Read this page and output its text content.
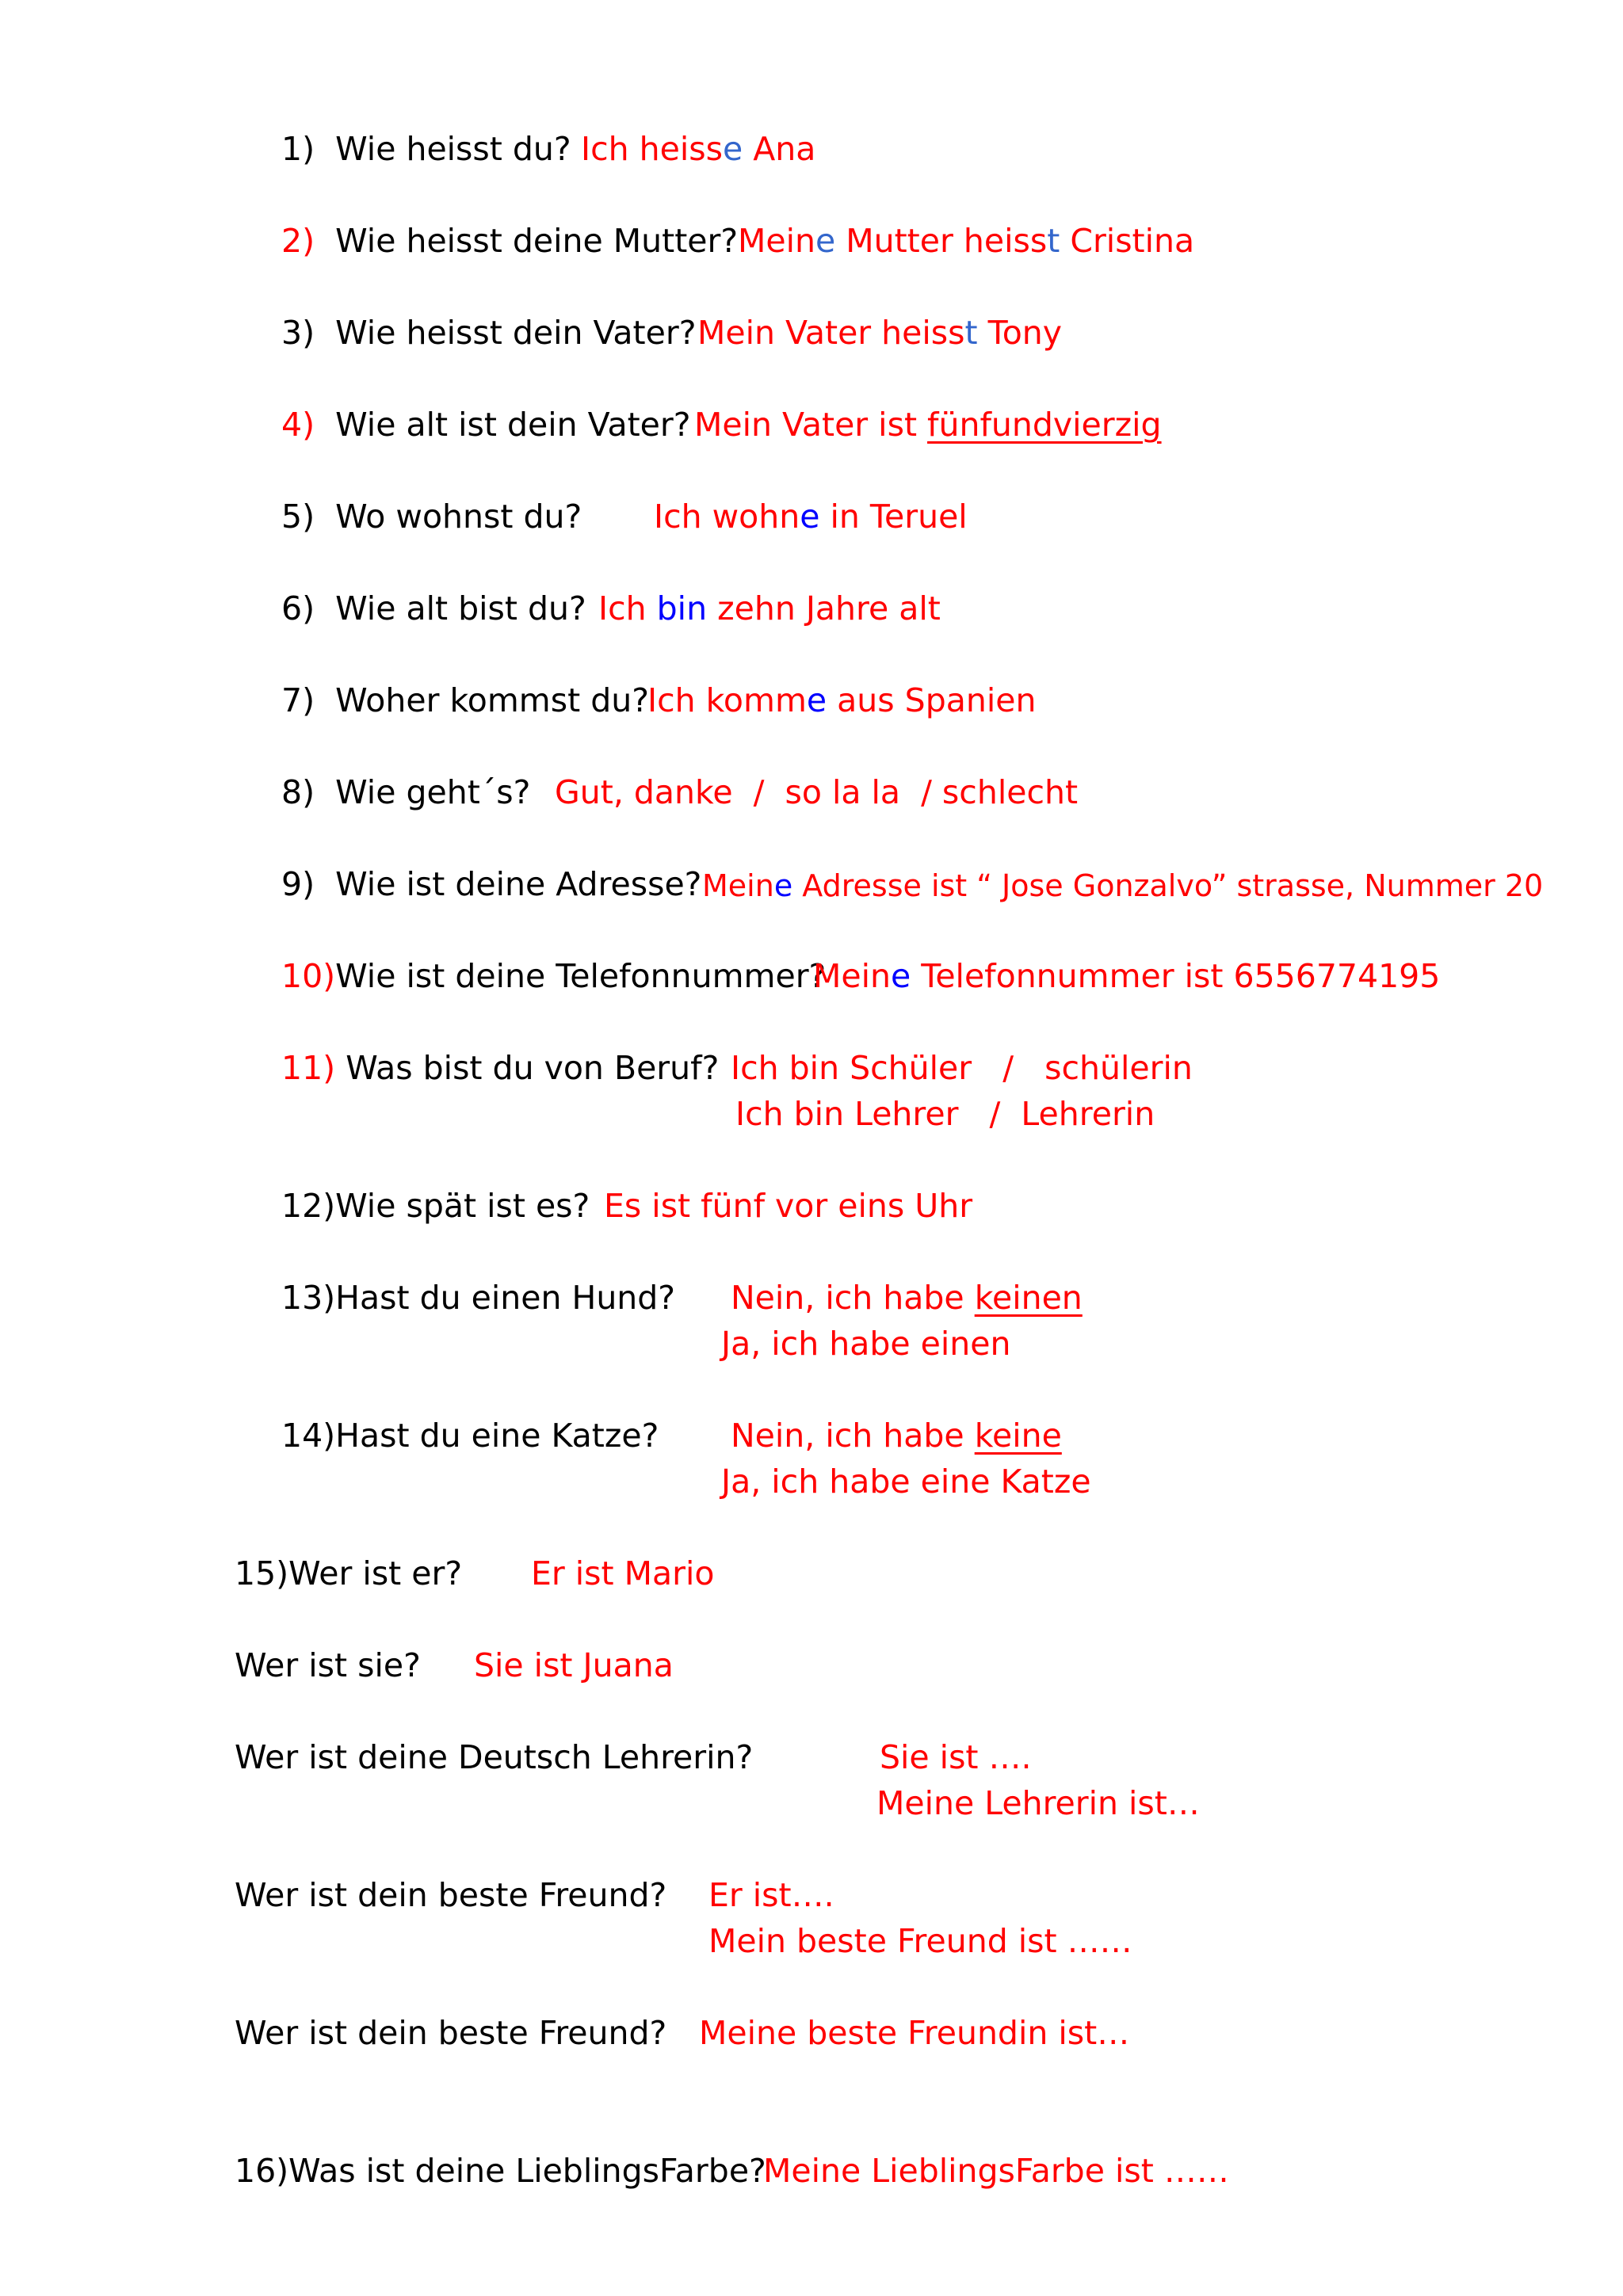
1) Wie heisst du? Ich heisse Ana
2) Wie heisst deine Mutter? Meine Mutter heisst Cristina
3) Wie heisst dein Vater? Mein Vater heisst Tony
4) Wie alt ist dein Vater? Mein Vater ist fünfundvierzig
5) Wo wohnst du? Ich wohne in Teruel
6) Wie alt bist du? Ich bin zehn Jahre alt
7) Woher kommst du?
Ich komme aus Spanien
8) Wie geht´s? Gut, danke  /  so la la  / schlecht
9) Wie ist deine Adresse? Meine Adresse ist “ Jose Gonzalvo” strasse, Nummer 20
10)Wie ist deine Telefonnummer?
Meine Telefonnummer ist 6556774195
11) Was bist du von Beruf? Ich bin Schüler   /   schülerin
Ich bin Lehrer   /  Lehrerin
12)Wie spät ist es? Es ist fünf vor eins Uhr
13)Hast du einen Hund? Nein, ich habe keinen
Ja, ich habe einen
14)Hast du eine Katze? Nein, ich habe keine
Ja, ich habe eine Katze
15)Wer ist er? Er ist Mario
Wer ist sie? Sie ist Juana
Wer ist deine Deutsch Lehrerin?	Sie ist ….
Meine Lehrerin ist…
Wer ist dein beste Freund? Er ist….
Mein beste Freund ist ……
Wer ist dein beste Freund? Meine beste Freundin ist…
16)Was ist deine LieblingsFarbe?
Meine LieblingsFarbe ist ……
